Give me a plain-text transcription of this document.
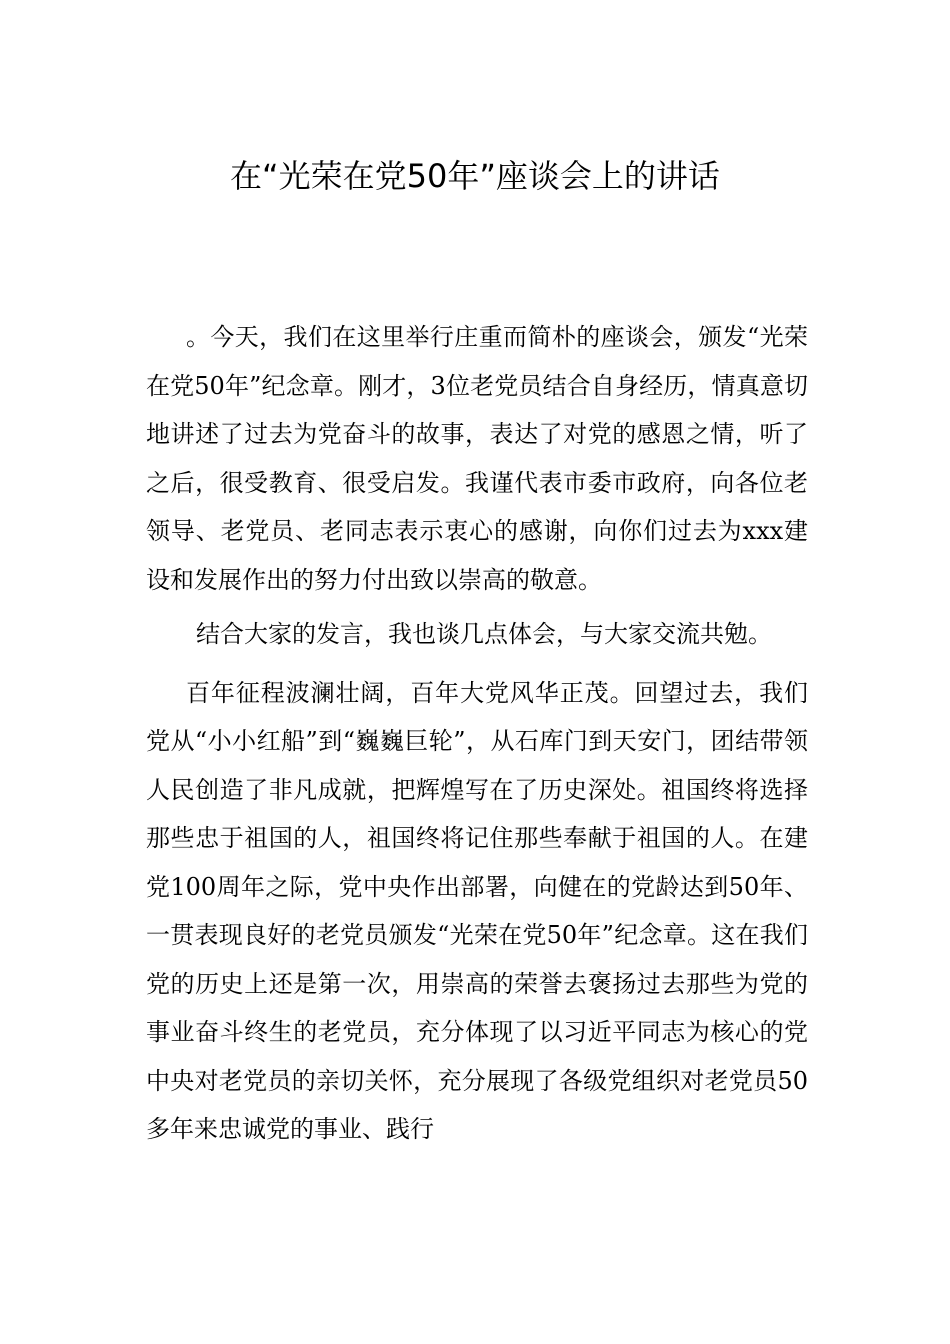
在“光荣在党50年”座谈会上的讲话

。今天，我们在这里举行庄重而简朴的座谈会，颁发“光荣在党50年”纪念章。刚才，3位老党员结合自身经历，情真意切地讲述了过去为党奋斗的故事，表达了对党的感恩之情，听了之后，很受教育、很受启发。我谨代表市委市政府，向各位老领导、老党员、老同志表示衷心的感谢，向你们过去为xxx建设和发展作出的努力付出致以崇高的敬意。

结合大家的发言，我也谈几点体会，与大家交流共勉。

百年征程波澜壮阔，百年大党风华正茂。回望过去，我们党从“小小红船”到“巍巍巨轮”，从石库门到天安门，团结带领人民创造了非凡成就，把辉煌写在了历史深处。祖国终将选择那些忠于祖国的人，祖国终将记住那些奉献于祖国的人。在建党100周年之际，党中央作出部署，向健在的党龄达到50年、一贯表现良好的老党员颁发“光荣在党50年”纪念章。这在我们党的历史上还是第一次，用崇高的荣誉去褒扬过去那些为党的事业奋斗终生的老党员，充分体现了以习近平同志为核心的党中央对老党员的亲切关怀，充分展现了各级党组织对老党员50多年来忠诚党的事业、践行
